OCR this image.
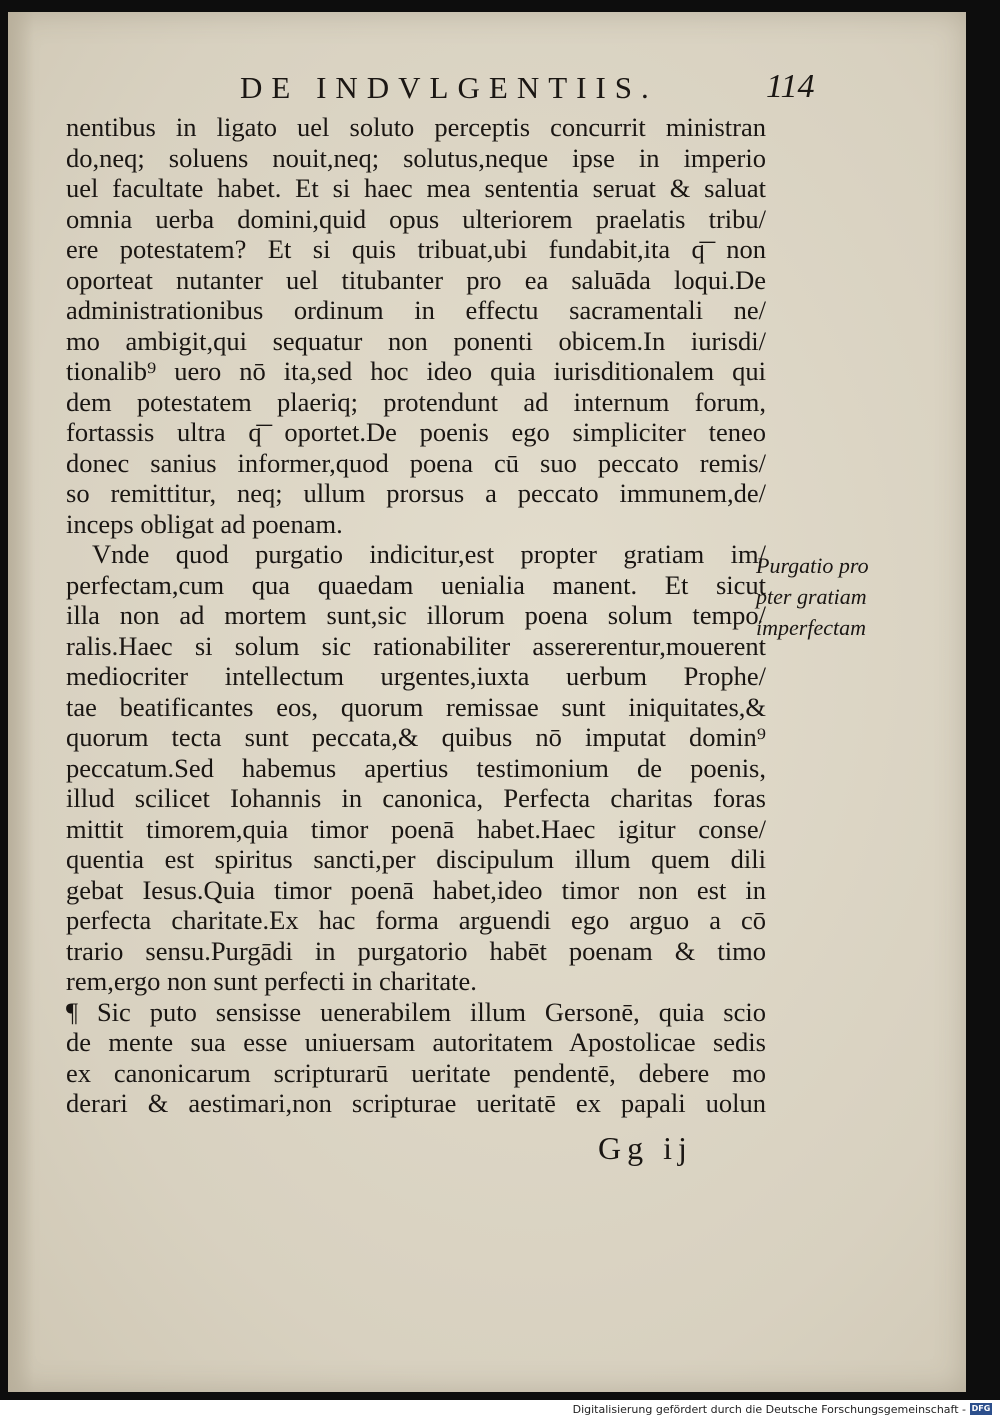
DE INDVLGENTIIS.	114
nentibus in ligato uel soluto perceptis concurrit ministran
do,neq; soluens nouit,neq; solutus,neque ipse in imperio
uel facultate habet. Et si haec mea sententia seruat & saluat
omnia uerba domini,quid opus ulteriorem praelatis tribu/
ere potestatem? Et si quis tribuat,ubi fundabit,ita q͞ non
oporteat nutanter uel titubanter pro ea saluāda loqui.De
administrationibus ordinum in effectu sacramentali ne/
mo ambigit,qui sequatur non ponenti obicem.In iurisdi/
tionalib⁹ uero nō ita,sed hoc ideo quia iurisditionalem qui
dem potestatem plaeriq; protendunt ad internum forum,
fortassis ultra q͞ oportet.De poenis ego simpliciter teneo
donec sanius informer,quod poena cū suo peccato remis/
so remittitur, neq; ullum prorsus a peccato immunem,de/
inceps obligat ad poenam.
Vnde quod purgatio indicitur,est propter gratiam im/
perfectam,cum qua quaedam uenialia manent. Et sicut
illa non ad mortem sunt,sic illorum poena solum tempo/
ralis.Haec si solum sic rationabiliter assererentur,mouerent
mediocriter intellectum urgentes,iuxta uerbum Prophe/
tae beatificantes eos, quorum remissae sunt iniquitates,&
quorum tecta sunt peccata,& quibus nō imputat domin⁹
peccatum.Sed habemus apertius testimonium de poenis,
illud scilicet Iohannis in canonica, Perfecta charitas foras
mittit timorem,quia timor poenā habet.Haec igitur conse/
quentia est spiritus sancti,per discipulum illum quem dili
gebat Iesus.Quia timor poenā habet,ideo timor non est in
perfecta charitate.Ex hac forma arguendi ego arguo a cō
trario sensu.Purgādi in purgatorio habēt poenam & timo
rem,ergo non sunt perfecti in charitate.
¶ Sic puto sensisse uenerabilem illum Gersonē, quia scio
de mente sua esse uniuersam autoritatem Apostolicae sedis
ex canonicarum scripturarū ueritate pendentē, debere mo
derari & aestimari,non scripturae ueritatē ex papali uolun
Purgatio pro
pter gratiam
imperfectam
Gg ij
Digitalisierung gefördert durch die Deutsche Forschungsgemeinschaft - DFG
